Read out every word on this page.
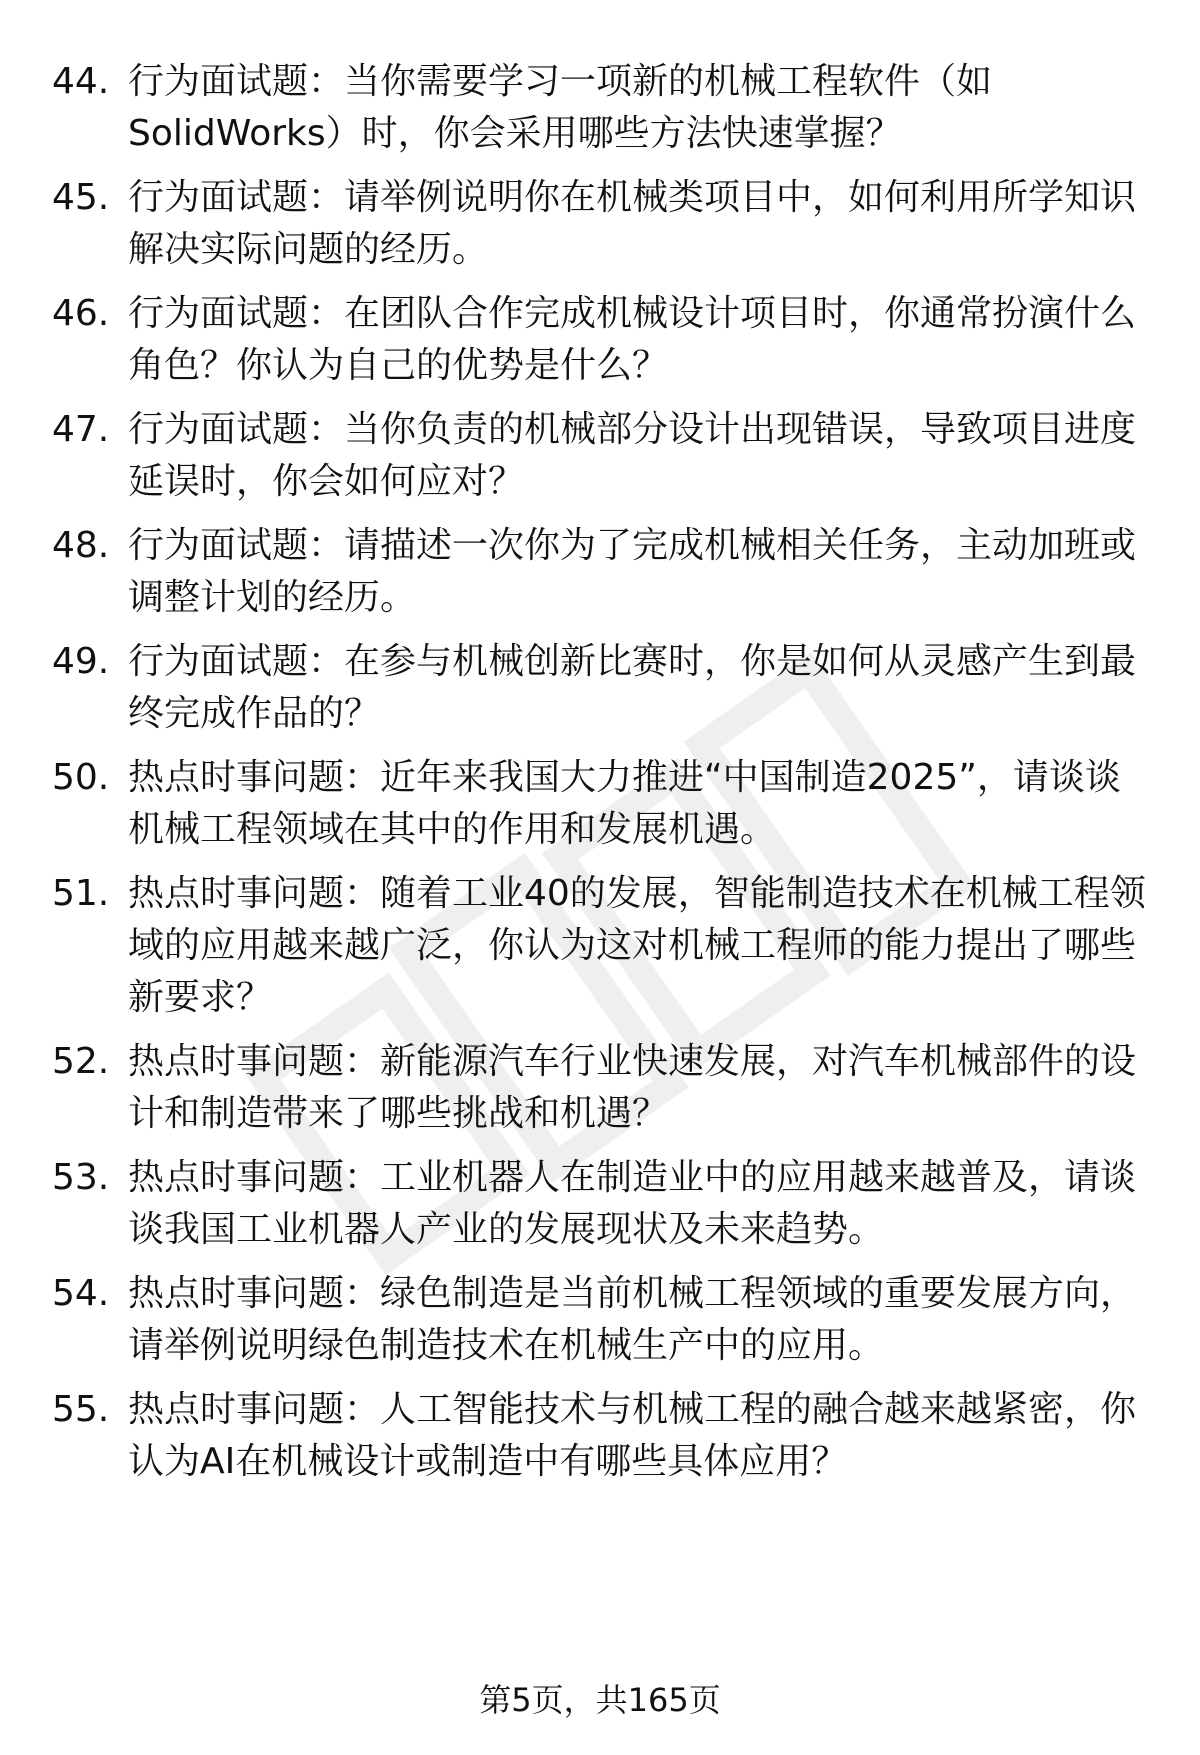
44. 行为面试题：当你需要学习一项新的机械工程软件（如
SolidWorks）时，你会采用哪些方法快速掌握？
45. 行为面试题：请举例说明你在机械类项目中，如何利用所学知识
解决实际问题的经历。
46. 行为面试题：在团队合作完成机械设计项目时，你通常扮演什么
角色？你认为自己的优势是什么？
47. 行为面试题：当你负责的机械部分设计出现错误，导致项目进度
延误时，你会如何应对？
48. 行为面试题：请描述一次你为了完成机械相关任务，主动加班或
调整计划的经历。
49. 行为面试题：在参与机械创新比赛时，你是如何从灵感产生到最
终完成作品的？
50. 热点时事问题：近年来我国大力推进“中国制造2025”，请谈谈
机械工程领域在其中的作用和发展机遇。
51. 热点时事问题：随着工业40的发展，智能制造技术在机械工程领
域的应用越来越广泛，你认为这对机械工程师的能力提出了哪些
新要求？
52. 热点时事问题：新能源汽车行业快速发展，对汽车机械部件的设
计和制造带来了哪些挑战和机遇？
53. 热点时事问题：工业机器人在制造业中的应用越来越普及，请谈
谈我国工业机器人产业的发展现状及未来趋势。
54. 热点时事问题：绿色制造是当前机械工程领域的重要发展方向，
请举例说明绿色制造技术在机械生产中的应用。
55. 热点时事问题：人工智能技术与机械工程的融合越来越紧密，你
认为AI在机械设计或制造中有哪些具体应用？
第5页，共165页
